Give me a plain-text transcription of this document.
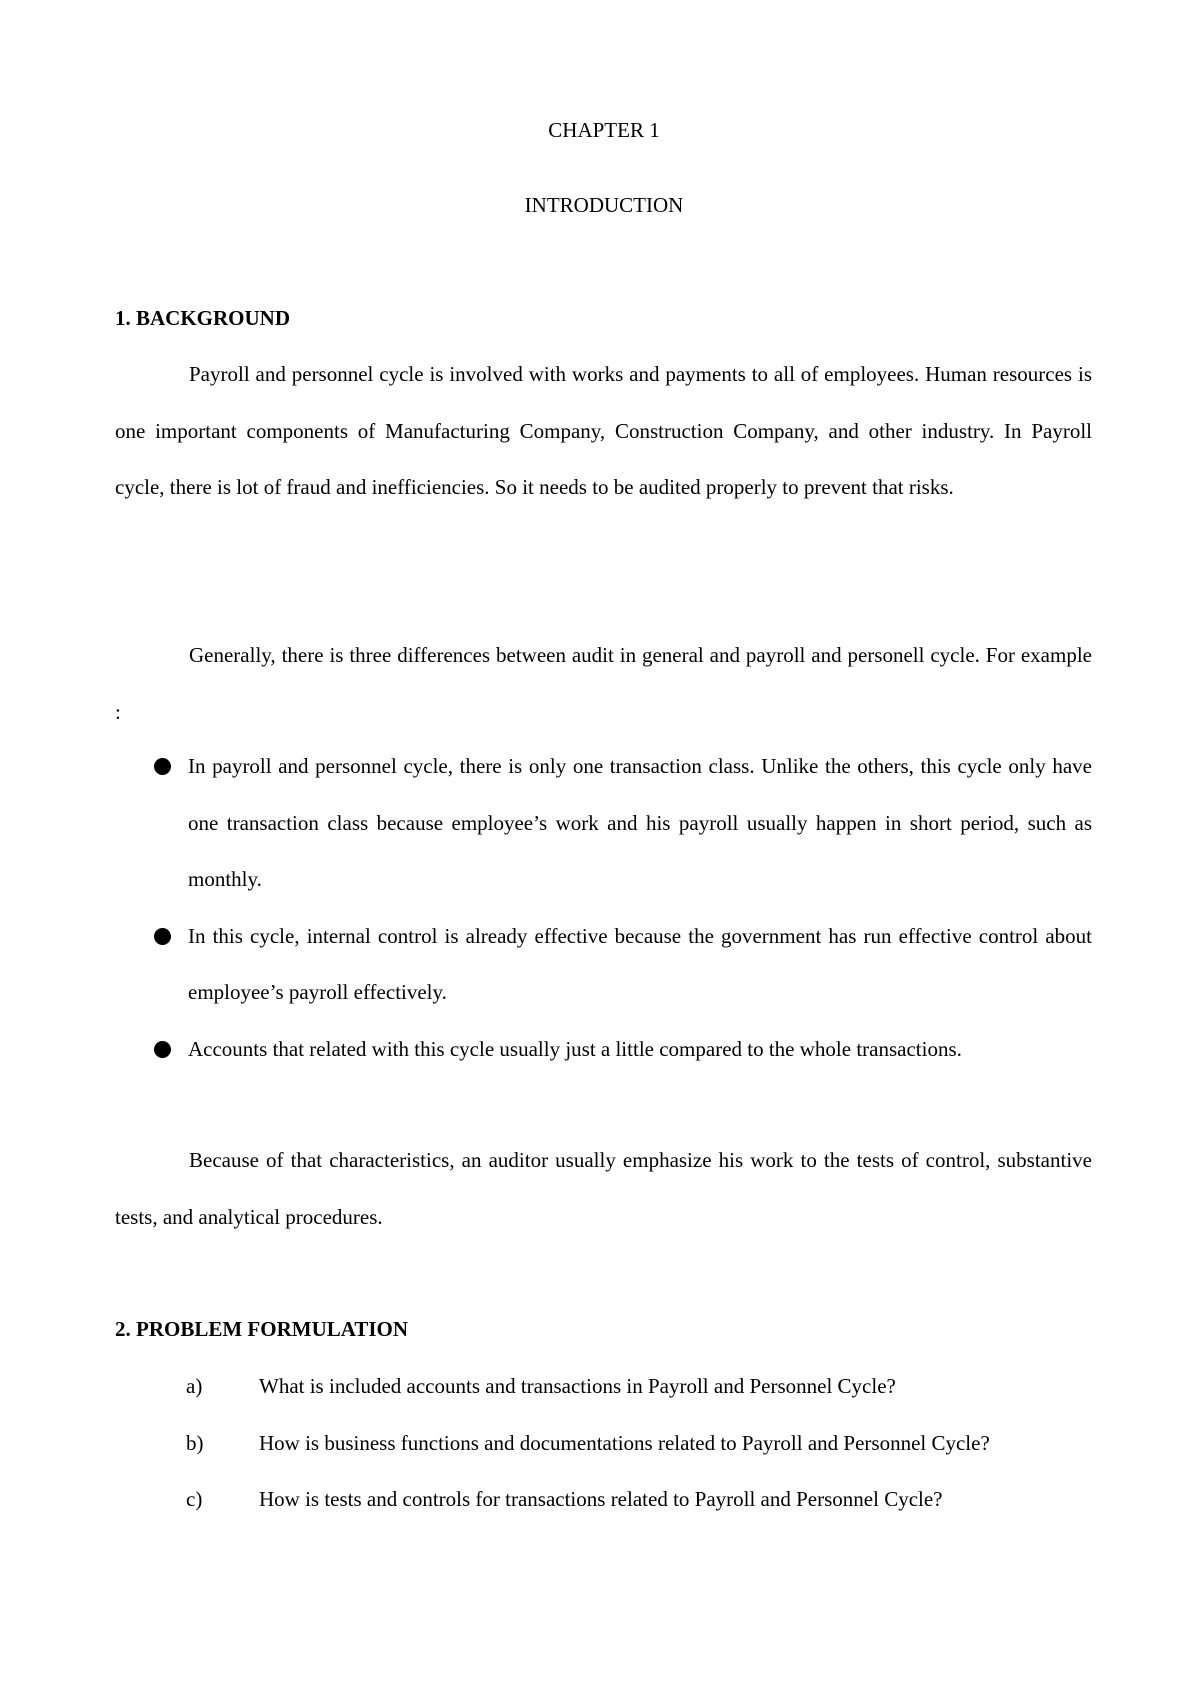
CHAPTER 1
INTRODUCTION
1. BACKGROUND

Payroll and personnel cycle is involved with works and payments to all of employees. Human resources is one important components of Manufacturing Company, Construction Company, and other industry. In Payroll cycle, there is lot of fraud and inefficiencies. So it needs to be audited properly to prevent that risks.

Generally, there is three differences between audit in general and payroll and personell cycle. For example :

In payroll and personnel cycle, there is only one transaction class. Unlike the others, this cycle only have one transaction class because employee’s work and his payroll usually happen in short period, such as monthly.
In this cycle, internal control is already effective because the government has run effective control about employee’s payroll effectively.
Accounts that related with this cycle usually just a little compared to the whole transactions.

Because of that characteristics, an auditor usually emphasize his work to the tests of control, substantive tests, and analytical procedures.

2. PROBLEM FORMULATION
a)	What is included accounts and transactions in Payroll and Personnel Cycle?
b)	How is business functions and documentations related to Payroll and Personnel Cycle?
c)	How is tests and controls for transactions related to Payroll and Personnel Cycle?
